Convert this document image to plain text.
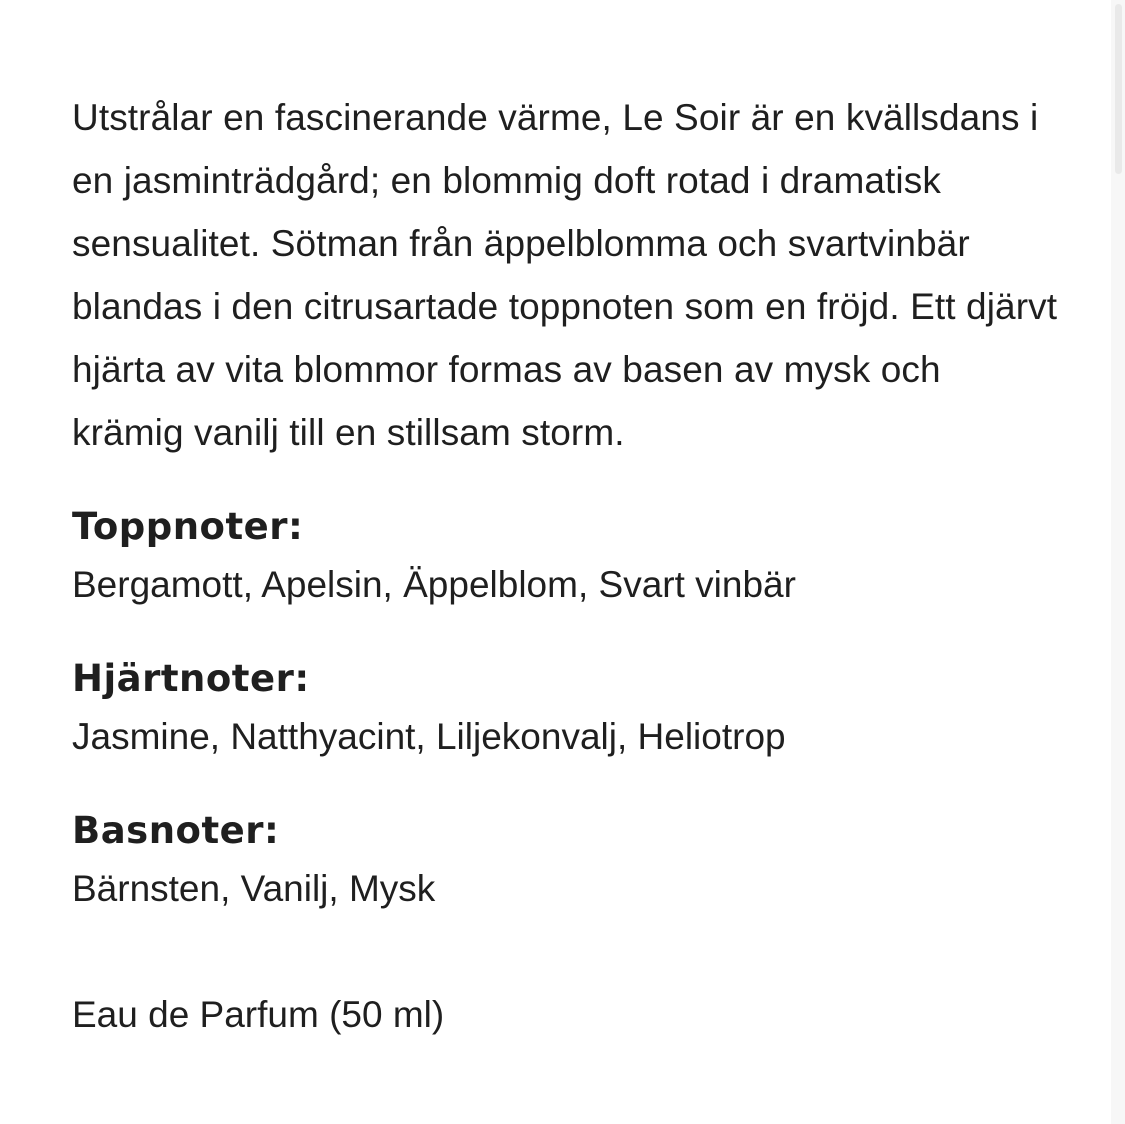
Utstrålar en fascinerande värme, Le Soir är en kvällsdans i en jasminträdgård; en blommig doft rotad i dramatisk sensualitet. Sötman från äppelblomma och svartvinbär blandas i den citrusartade toppnoten som en fröjd. Ett djärvt hjärta av vita blommor formas av basen av mysk och krämig vanilj till en stillsam storm.

Toppnoter:

Bergamott, Apelsin, Äppelblom, Svart vinbär

Hjärtnoter:

Jasmine, Natthyacint, Liljekonvalj, Heliotrop

Basnoter:

Bärnsten, Vanilj, Mysk

Eau de Parfum (50 ml)
